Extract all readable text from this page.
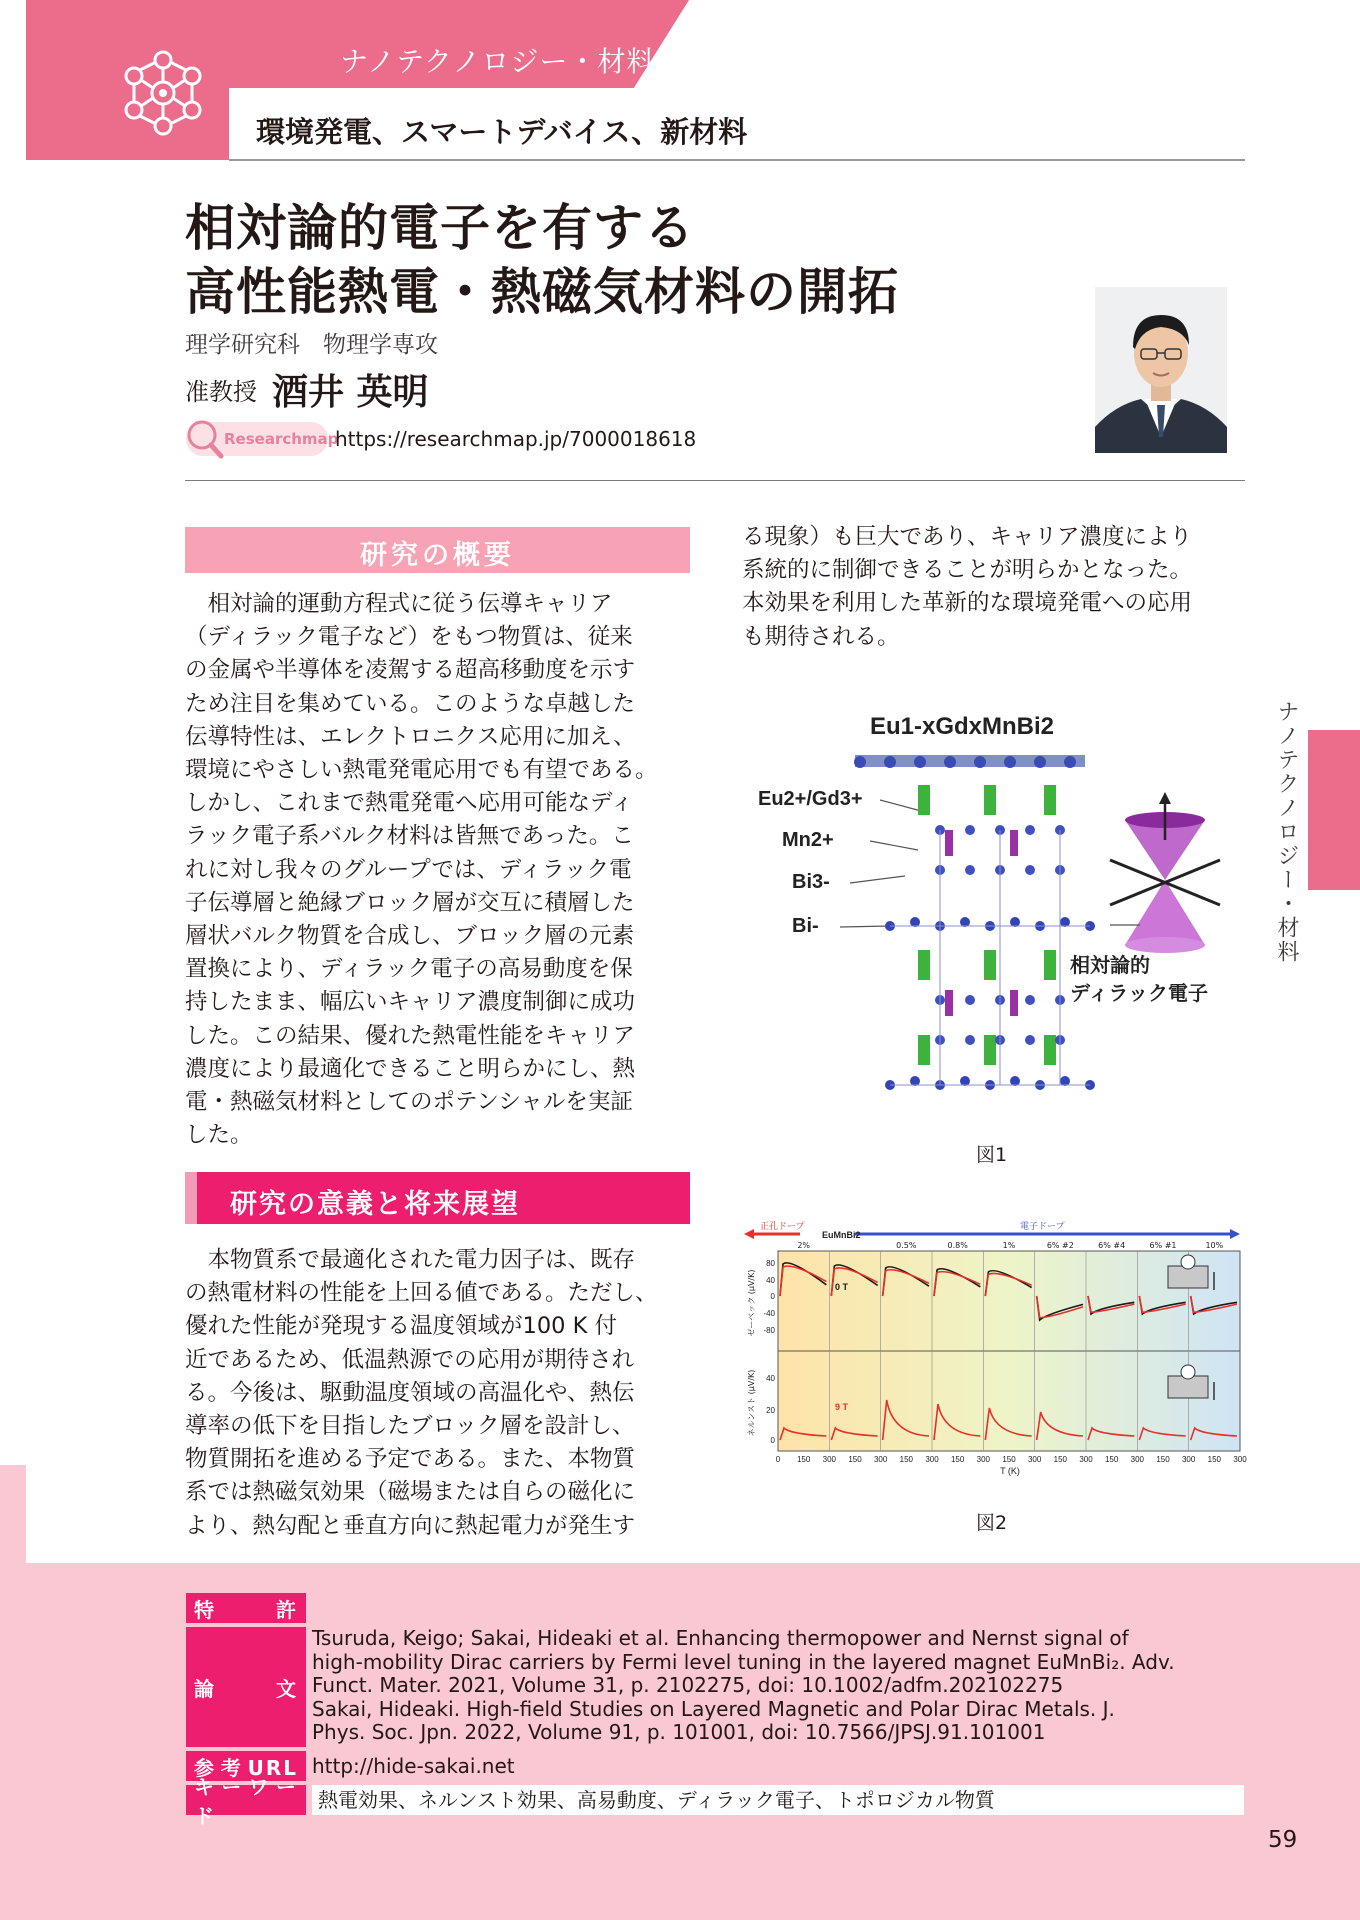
ナノテクノロジー・材料
環境発電、スマートデバイス、新材料
7 エネルギーをみんなに そしてクリーンに 9 産業と技術革新の 基盤をつくろう
相対論的電子を有する
高性能熱電・熱磁気材料の開拓
理学研究科　物理学専攻
准教授 酒井 英明
Researchmap
https://researchmap.jp/7000018618
研究の概要

　相対論的運動方程式に従う伝導キャリア

（ディラック電子など）をもつ物質は、従来

の金属や半導体を凌駕する超高移動度を示す

ため注目を集めている。このような卓越した

伝導特性は、エレクトロニクス応用に加え、

環境にやさしい熱電発電応用でも有望である。

しかし、これまで熱電発電へ応用可能なディ

ラック電子系バルク材料は皆無であった。こ

れに対し我々のグループでは、ディラック電

子伝導層と絶縁ブロック層が交互に積層した

層状バルク物質を合成し、ブロック層の元素

置換により、ディラック電子の高易動度を保

持したまま、幅広いキャリア濃度制御に成功

した。この結果、優れた熱電性能をキャリア

濃度により最適化できること明らかにし、熱

電・熱磁気材料としてのポテンシャルを実証

した。

研究の意義と将来展望

　本物質系で最適化された電力因子は、既存

の熱電材料の性能を上回る値である。ただし、

優れた性能が発現する温度領域が100 K 付

近であるため、低温熱源での応用が期待され

る。今後は、駆動温度領域の高温化や、熱伝

導率の低下を目指したブロック層を設計し、

物質開拓を進める予定である。また、本物質

系では熱磁気効果（磁場または自らの磁化に

より、熱勾配と垂直方向に熱起電力が発生す

る現象）も巨大であり、キャリア濃度により

系統的に制御できることが明らかとなった。

本効果を利用した革新的な環境発電への応用

も期待される。

Eu1-xGdxMnBi2
Eu2+/Gd3+
Mn2+
Bi3-
Bi-
相対論的
ディラック電子
図1
正孔ドープ	電子ドープ
EuMnBi2
2%	0.5%	0.8%	1%	6% #2	6% #4	6% #1	10%
80
40
0
-40
-80
40
20
0
0 150 300 150 300 150 300 150 300 150 300 150 300 150 300 150 300 150 300
ゼーベック (μV/K)
ネルンスト (μV/K)
T (K)
0 T
9 T
図2
ナノテクノロジー・材料
特　許
論　文
Tsuruda, Keigo; Sakai, Hideaki et al. Enhancing thermopower and Nernst signal of
high-mobility Dirac carriers by Fermi level tuning in the layered magnet EuMnBi₂. Adv.
Funct. Mater. 2021, Volume 31, p. 2102275, doi: 10.1002/adfm.202102275
Sakai, Hideaki. High-field Studies on Layered Magnetic and Polar Dirac Metals. J.
Phys. Soc. Jpn. 2022, Volume 91, p. 101001, doi: 10.7566/JPSJ.91.101001
参考URL http://hide-sakai.net
キーワード
熱電効果、ネルンスト効果、高易動度、ディラック電子、トポロジカル物質
59
